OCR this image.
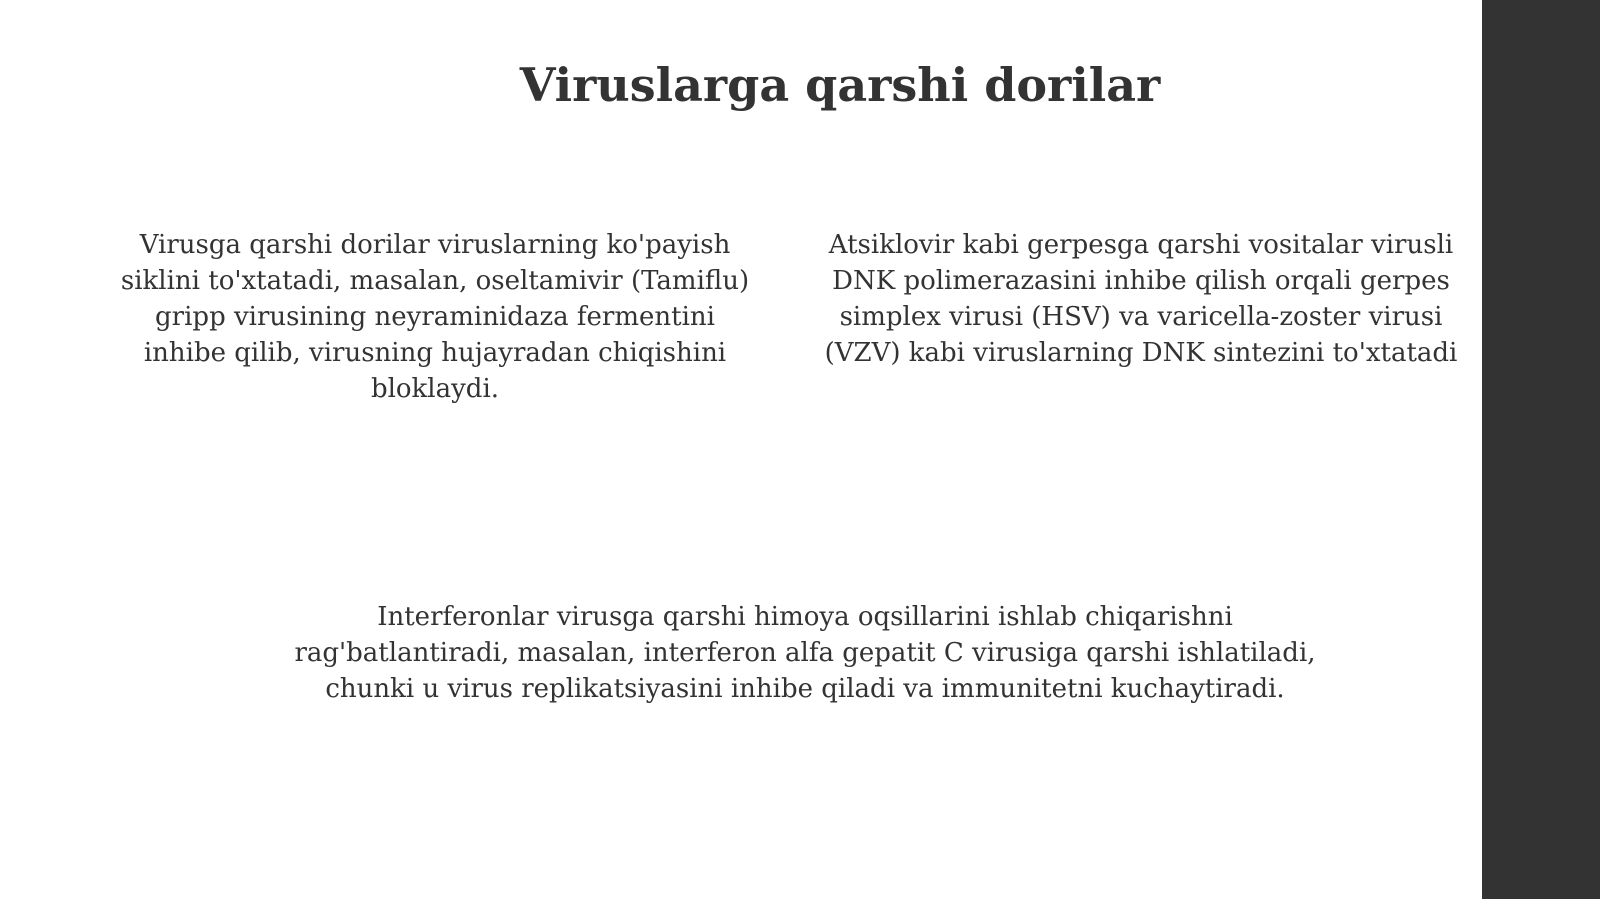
Viruslarga qarshi dorilar

Virusga qarshi dorilar viruslarning ko'payish siklini to'xtatadi, masalan, oseltamivir (Tamiflu) gripp virusining neyraminidaza fermentini inhibe qilib, virusning hujayradan chiqishini bloklaydi.

Atsiklovir kabi gerpesga qarshi vositalar virusli
DNK polimerazasini inhibe qilish orqali gerpes
simplex virusi (HSV) va varicella-zoster virusi
(VZV) kabi viruslarning DNK sintezini to'xtatadi

Interferonlar virusga qarshi himoya oqsillarini ishlab chiqarishni rag'batlantiradi, masalan, interferon alfa gepatit C virusiga qarshi ishlatiladi, chunki u virus replikatsiyasini inhibe qiladi va immunitetni kuchaytiradi.
